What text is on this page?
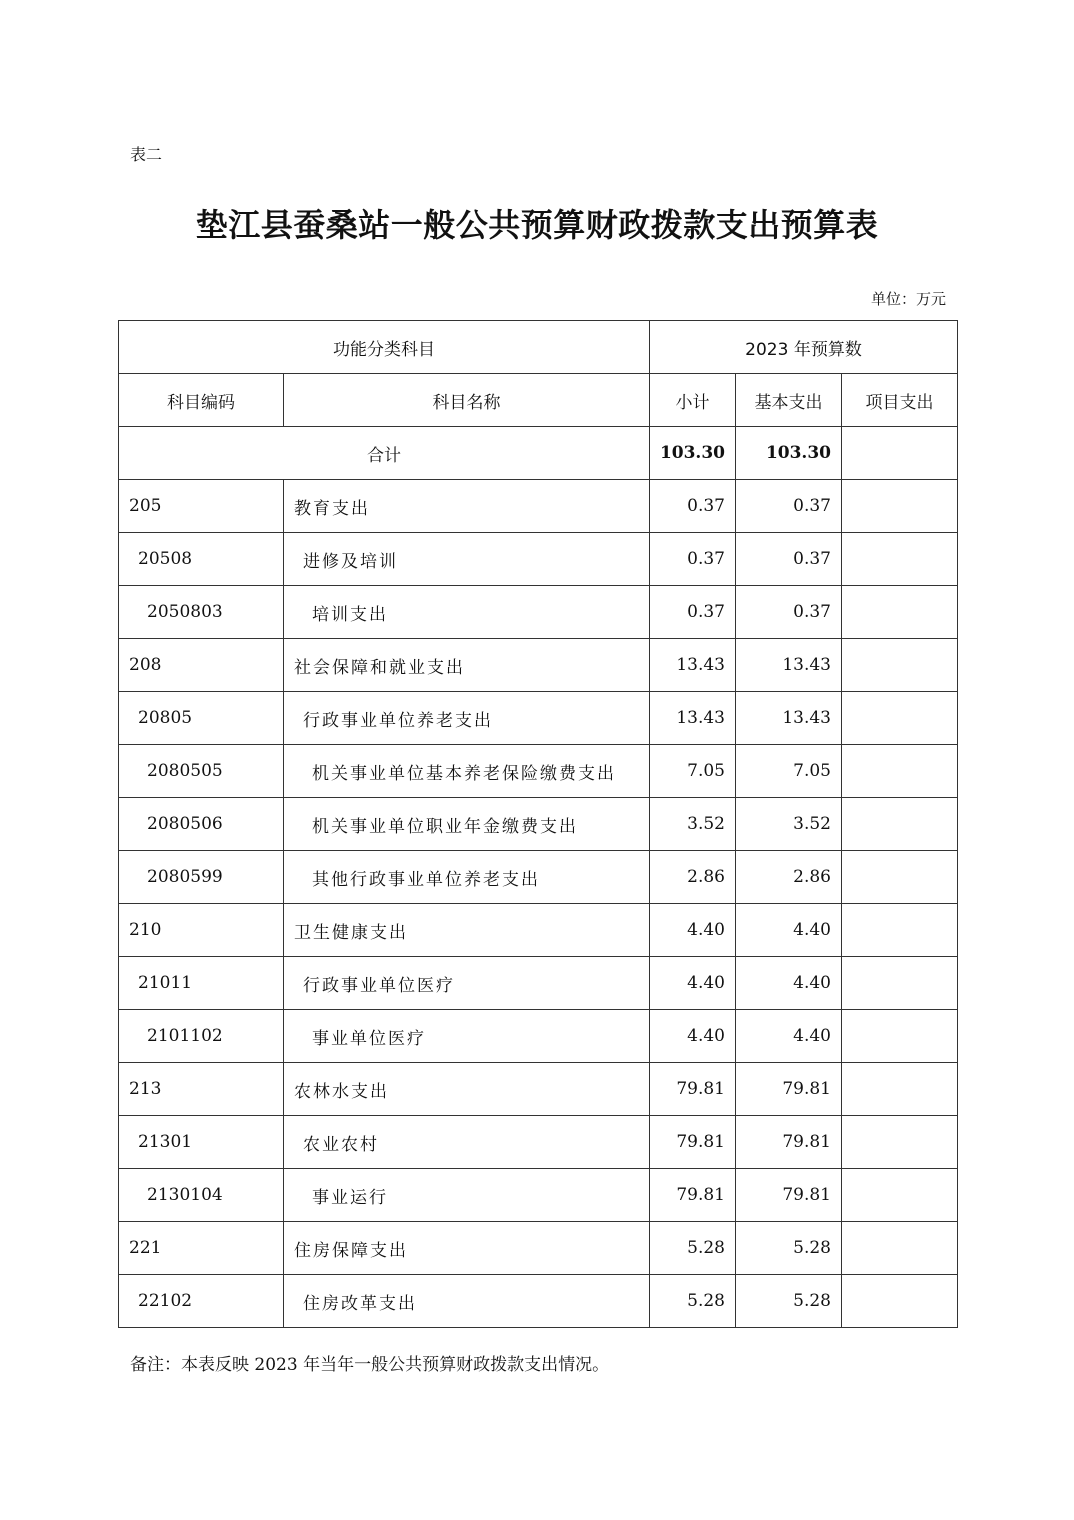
表二
垫江县蚕桑站一般公共预算财政拨款支出预算表
单位：万元
功能分类科目		2023 年预算数		
科目编码	科目名称	小计	基本支出	项目支出
合计		103.30	103.30	
205	教育支出	0.37	0.37	
20508	进修及培训	0.37	0.37	
2050803	培训支出	0.37	0.37	
208	社会保障和就业支出	13.43	13.43	
20805	行政事业单位养老支出	13.43	13.43	
2080505	机关事业单位基本养老保险缴费支出	7.05	7.05	
2080506	机关事业单位职业年金缴费支出	3.52	3.52	
2080599	其他行政事业单位养老支出	2.86	2.86	
210	卫生健康支出	4.40	4.40	
21011	行政事业单位医疗	4.40	4.40	
2101102	事业单位医疗	4.40	4.40	
213	农林水支出	79.81	79.81	
21301	农业农村	79.81	79.81	
2130104	事业运行	79.81	79.81	
221	住房保障支出	5.28	5.28	
22102	住房改革支出	5.28	5.28	
备注：本表反映 2023 年当年一般公共预算财政拨款支出情况。
